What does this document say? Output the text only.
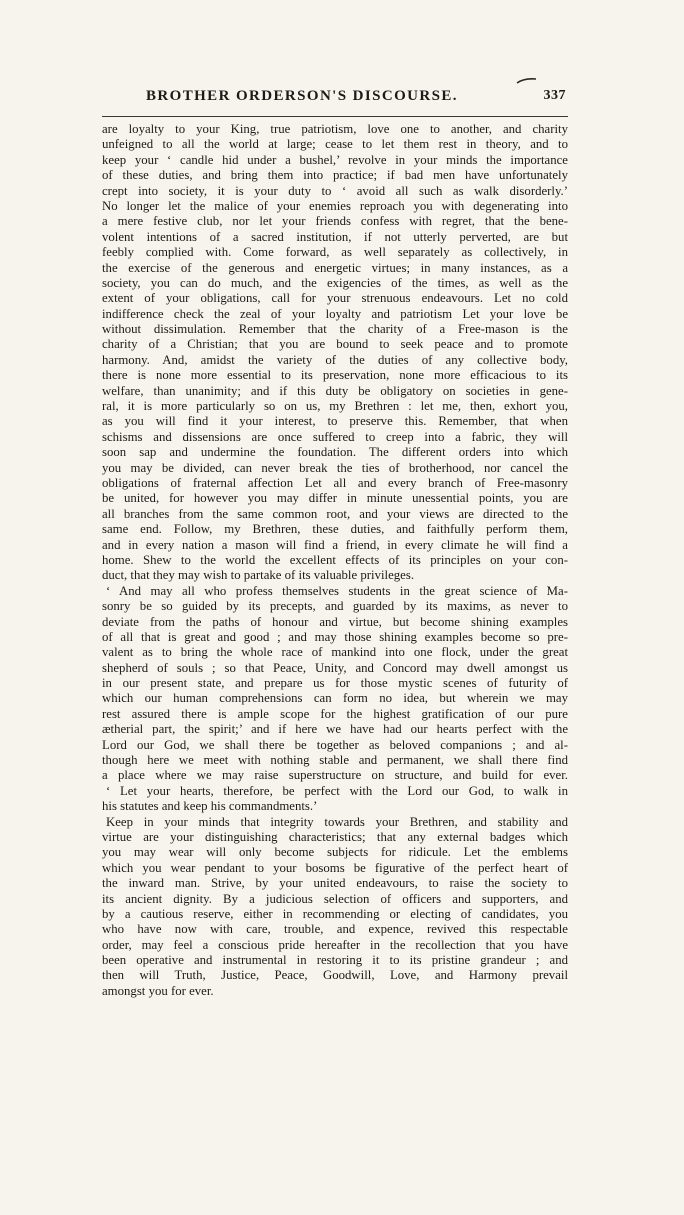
BROTHER ORDERSON'S DISCOURSE.	337
are loyalty to your King, true patriotism, love one to another, and charity
unfeigned to all the world at large; cease to let them rest in theory, and to
keep your ‘ candle hid under a bushel,’ revolve in your minds the importance
of these duties, and bring them into practice; if bad men have unfortunately
crept into society, it is your duty to ‘ avoid all such as walk disorderly.’
No longer let the malice of your enemies reproach you with degenerating into
a mere festive club, nor let your friends confess with regret, that the bene-
volent intentions of a sacred institution, if not utterly perverted, are but
feebly complied with. Come forward, as well separately as collectively, in
the exercise of the generous and energetic virtues; in many instances, as a
society, you can do much, and the exigencies of the times, as well as the
extent of your obligations, call for your strenuous endeavours. Let no cold
indifference check the zeal of your loyalty and patriotism Let your love be
without dissimulation. Remember that the charity of a Free-mason is the
charity of a Christian; that you are bound to seek peace and to promote
harmony. And, amidst the variety of the duties of any collective body,
there is none more essential to its preservation, none more efficacious to its
welfare, than unanimity; and if this duty be obligatory on societies in gene-
ral, it is more particularly so on us, my Brethren : let me, then, exhort you,
as you will find it your interest, to preserve this. Remember, that when
schisms and dissensions are once suffered to creep into a fabric, they will
soon sap and undermine the foundation. The different orders into which
you may be divided, can never break the ties of brotherhood, nor cancel the
obligations of fraternal affection Let all and every branch of Free-masonry
be united, for however you may differ in minute unessential points, you are
all branches from the same common root, and your views are directed to the
same end. Follow, my Brethren, these duties, and faithfully perform them,
and in every nation a mason will find a friend, in every climate he will find a
home. Shew to the world the excellent effects of its principles on your con-
duct, that they may wish to partake of its valuable privileges.
‘ And may all who profess themselves students in the great science of Ma-
sonry be so guided by its precepts, and guarded by its maxims, as never to
deviate from the paths of honour and virtue, but become shining examples
of all that is great and good ; and may those shining examples become so pre-
valent as to bring the whole race of mankind into one flock, under the great
shepherd of souls ; so that Peace, Unity, and Concord may dwell amongst us
in our present state, and prepare us for those mystic scenes of futurity of
which our human comprehensions can form no idea, but wherein we may
rest assured there is ample scope for the highest gratification of our pure
ætherial part, the spirit;’ and if here we have had our hearts perfect with the
Lord our God, we shall there be together as beloved companions ; and al-
though here we meet with nothing stable and permanent, we shall there find
a place where we may raise superstructure on structure, and build for ever.
‘ Let your hearts, therefore, be perfect with the Lord our God, to walk in
his statutes and keep his commandments.’
Keep in your minds that integrity towards your Brethren, and stability and
virtue are your distinguishing characteristics; that any external badges which
you may wear will only become subjects for ridicule. Let the emblems
which you wear pendant to your bosoms be figurative of the perfect heart of
the inward man. Strive, by your united endeavours, to raise the society to
its ancient dignity. By a judicious selection of officers and supporters, and
by a cautious reserve, either in recommending or electing of candidates, you
who have now with care, trouble, and expence, revived this respectable
order, may feel a conscious pride hereafter in the recollection that you have
been operative and instrumental in restoring it to its pristine grandeur ; and
then will Truth, Justice, Peace, Goodwill, Love, and Harmony prevail
amongst you for ever.
